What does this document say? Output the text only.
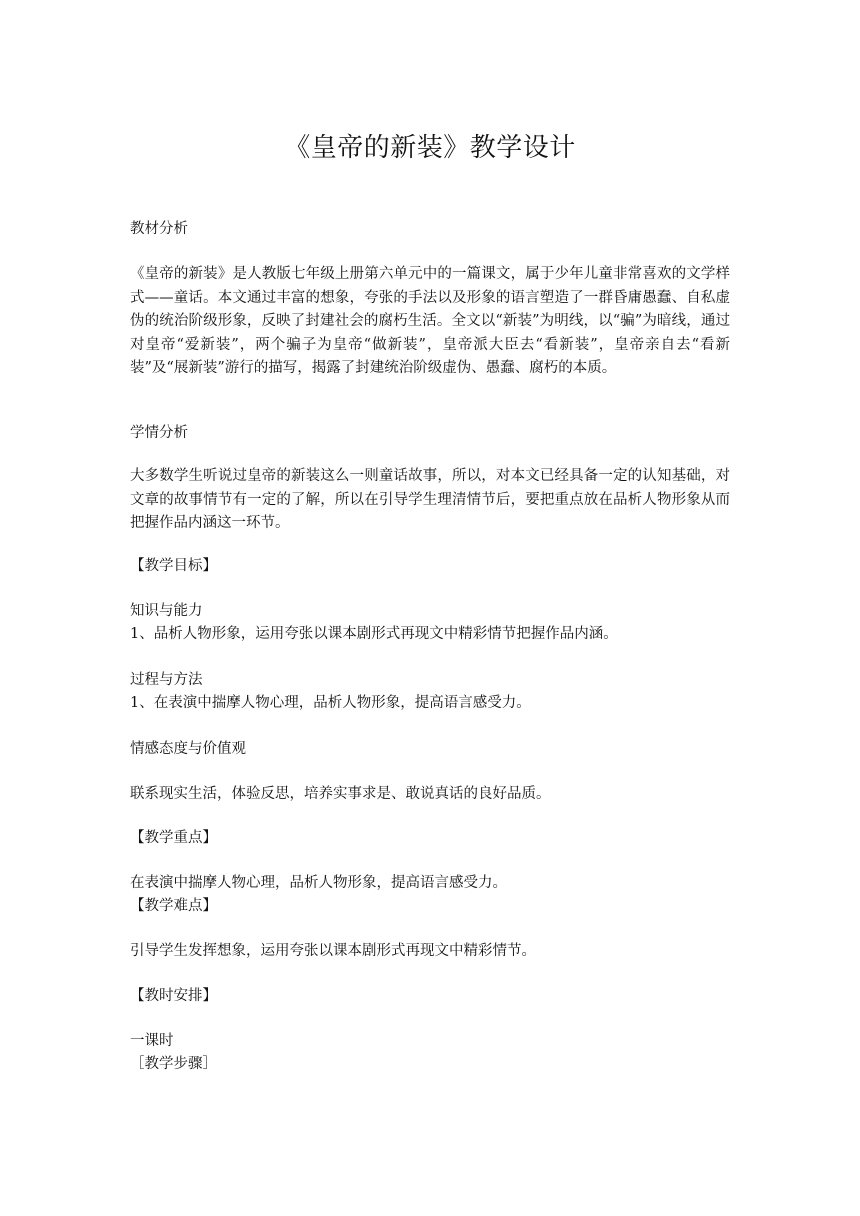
《皇帝的新装》教学设计

教材分析

《皇帝的新装》是人教版七年级上册第六单元中的一篇课文，属于少年儿童非常喜欢的文学样式——童话。本文通过丰富的想象，夸张的手法以及形象的语言塑造了一群昏庸愚蠢、自私虚伪的统治阶级形象，反映了封建社会的腐朽生活。全文以“新装”为明线，以“骗”为暗线，通过对皇帝“爱新装”，两个骗子为皇帝“做新装”，皇帝派大臣去“看新装”，皇帝亲自去“看新装”及“展新装”游行的描写，揭露了封建统治阶级虚伪、愚蠢、腐朽的本质。

学情分析

大多数学生听说过皇帝的新装这么一则童话故事，所以，对本文已经具备一定的认知基础，对文章的故事情节有一定的了解，所以在引导学生理清情节后，要把重点放在品析人物形象从而把握作品内涵这一环节。

【教学目标】

知识与能力

1、品析人物形象，运用夸张以课本剧形式再现文中精彩情节把握作品内涵。

过程与方法

1、在表演中揣摩人物心理，品析人物形象，提高语言感受力。

情感态度与价值观

联系现实生活，体验反思，培养实事求是、敢说真话的良好品质。

【教学重点】

在表演中揣摩人物心理，品析人物形象，提高语言感受力。

【教学难点】

引导学生发挥想象，运用夸张以课本剧形式再现文中精彩情节。

【教时安排】

一课时

［教学步骤］
